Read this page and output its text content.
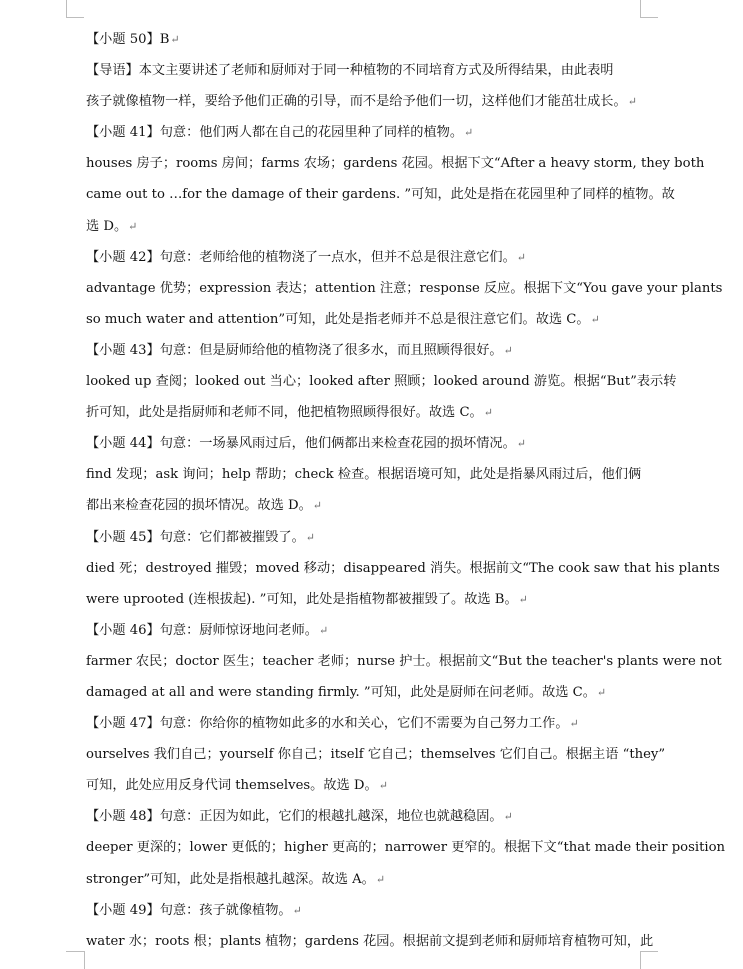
【小题 50】B↵
【导语】本文主要讲述了老师和厨师对于同一种植物的不同培育方式及所得结果，由此表明
孩子就像植物一样，要给予他们正确的引导，而不是给予他们一切，这样他们才能茁壮成长。↵
【小题 41】句意：他们两人都在自己的花园里种了同样的植物。↵
houses 房子；rooms 房间；farms 农场；gardens 花园。根据下文“After a heavy storm, they both
came out to …for the damage of their gardens. ”可知，此处是指在花园里种了同样的植物。故
选 D。↵
【小题 42】句意：老师给他的植物浇了一点水，但并不总是很注意它们。↵
advantage 优势；expression 表达；attention 注意；response 反应。根据下文“You gave your plants
so much water and attention”可知，此处是指老师并不总是很注意它们。故选 C。↵
【小题 43】句意：但是厨师给他的植物浇了很多水，而且照顾得很好。↵
looked up 查阅；looked out 当心；looked after 照顾；looked around 游览。根据“But”表示转
折可知，此处是指厨师和老师不同，他把植物照顾得很好。故选 C。↵
【小题 44】句意：一场暴风雨过后，他们俩都出来检查花园的损坏情况。↵
find 发现；ask 询问；help 帮助；check 检查。根据语境可知，此处是指暴风雨过后，他们俩
都出来检查花园的损坏情况。故选 D。↵
【小题 45】句意：它们都被摧毁了。↵
died 死；destroyed 摧毁；moved 移动；disappeared 消失。根据前文“The cook saw that his plants
were uprooted (连根拔起). ”可知，此处是指植物都被摧毁了。故选 B。↵
【小题 46】句意：厨师惊讶地问老师。↵
farmer 农民；doctor 医生；teacher 老师；nurse 护士。根据前文“But the teacher's plants were not
damaged at all and were standing firmly. ”可知，此处是厨师在问老师。故选 C。↵
【小题 47】句意：你给你的植物如此多的水和关心，它们不需要为自己努力工作。↵
ourselves 我们自己；yourself 你自己；itself 它自己；themselves 它们自己。根据主语 “they”
可知，此处应用反身代词 themselves。故选 D。↵
【小题 48】句意：正因为如此，它们的根越扎越深，地位也就越稳固。↵
deeper 更深的；lower 更低的；higher 更高的；narrower 更窄的。根据下文“that made their position
stronger”可知，此处是指根越扎越深。故选 A。↵
【小题 49】句意：孩子就像植物。↵
water 水；roots 根；plants 植物；gardens 花园。根据前文提到老师和厨师培育植物可知，此
